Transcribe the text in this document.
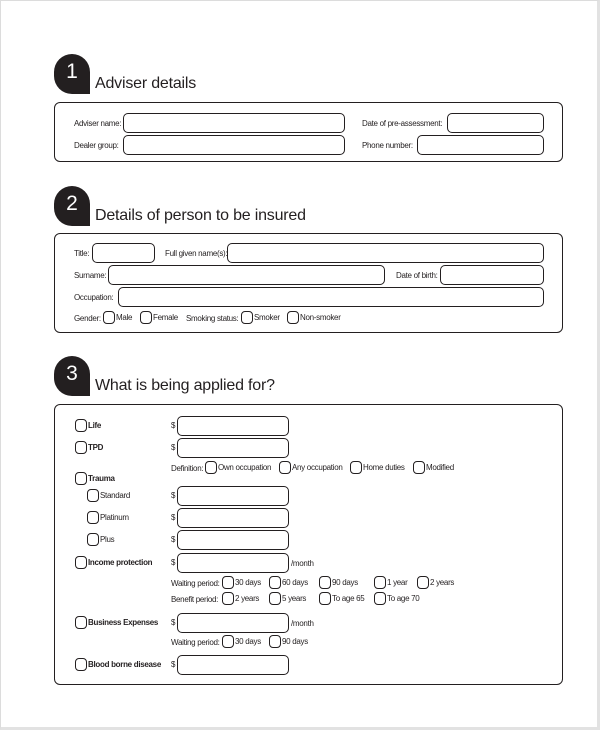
1
Adviser details
Adviser name:	Date of pre-assessment:
Dealer group:	Phone number:
2
Details of person to be insured
Title:	Full given name(s):
Surname:	Date of birth:
Occupation:
Gender: Male	Female Smoking status: Smoker	Non-smoker
3
What is being applied for?
Life	$
TPD	$
Definition: Own occupation	Any occupation	Home duties	Modified
Trauma
Standard	$
Platinum	$
Plus	$
Income protection $	/month
Waiting period: 30 days	60 days	90 days	1 year	2 years
Benefit period: 2 years	5 years	To age 65	To age 70
Business Expenses $	/month
Waiting period: 30 days	90 days
Blood borne disease $
